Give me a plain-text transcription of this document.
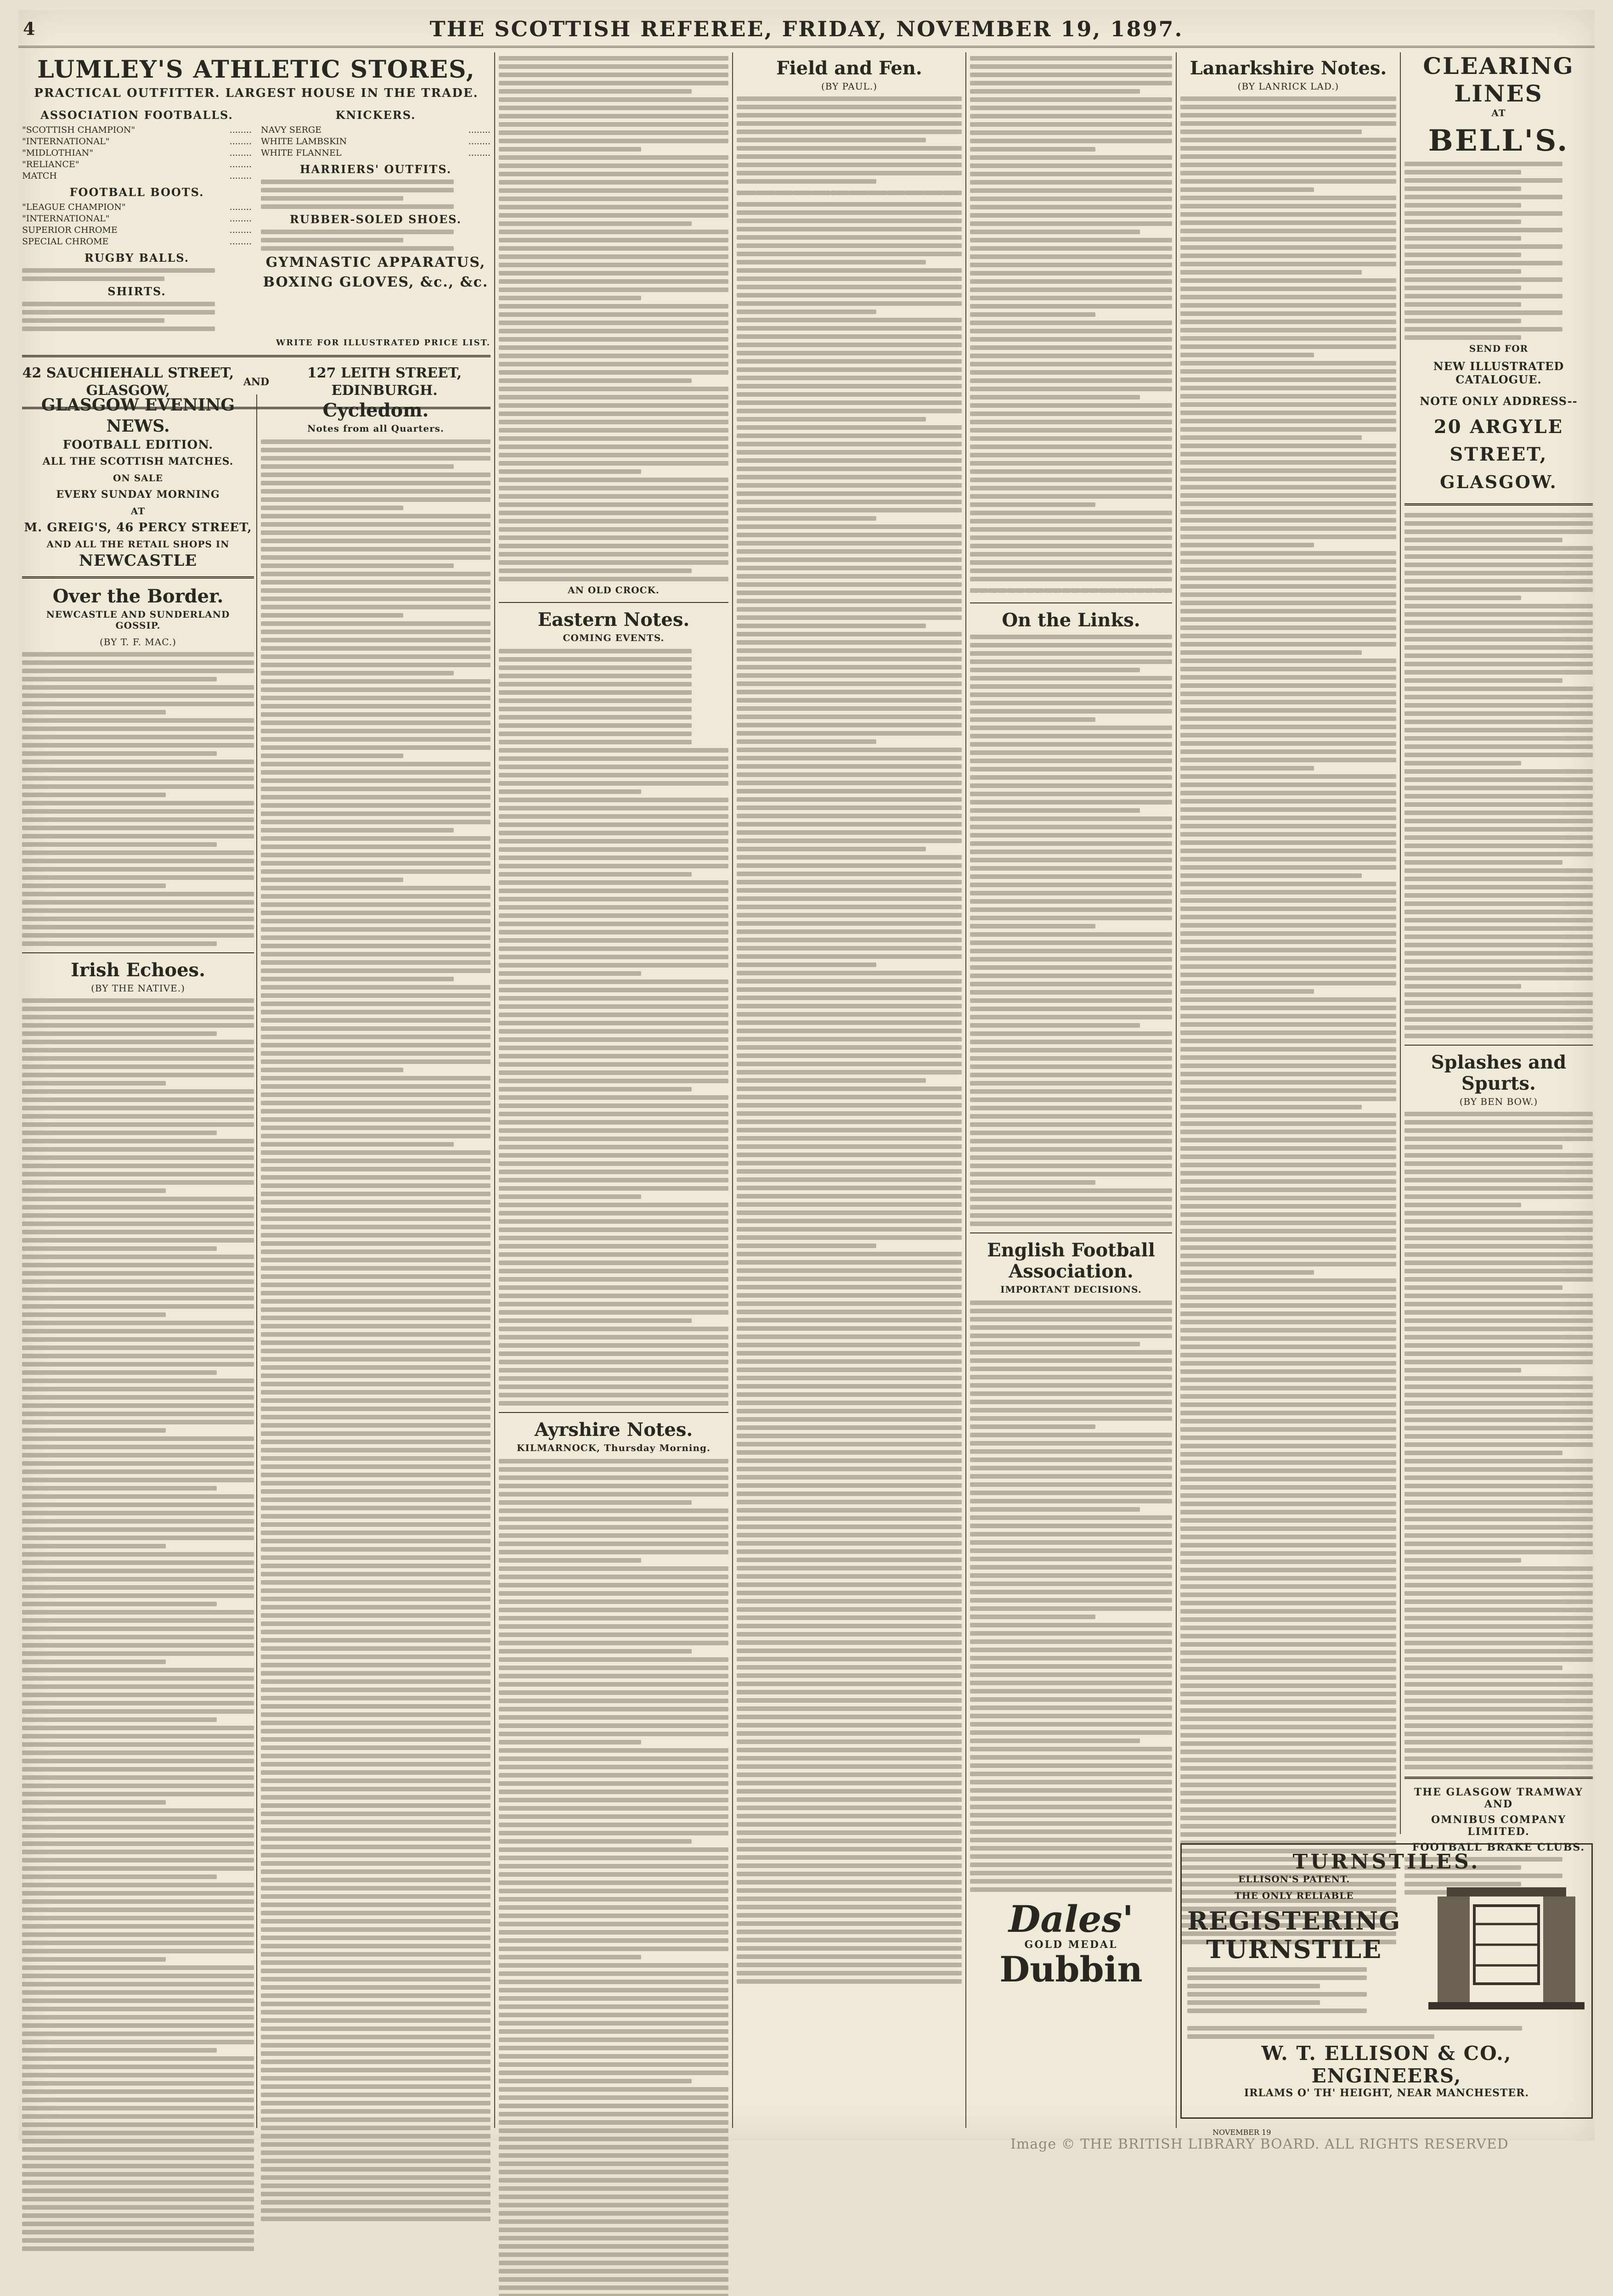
4	THE SCOTTISH REFEREE, FRIDAY, NOVEMBER 19, 1897.
LUMLEY'S ATHLETIC STORES,
PRACTICAL OUTFITTER. LARGEST HOUSE IN THE TRADE.
ASSOCIATION FOOTBALLS.
"SCOTTISH CHAMPION"	........
"INTERNATIONAL"	........
"MIDLOTHIAN"	........
"RELIANCE"	........
MATCH	........
FOOTBALL BOOTS.
"LEAGUE CHAMPION"	........
"INTERNATIONAL"	........
SUPERIOR CHROME	........
SPECIAL CHROME	........
RUGBY BALLS.
SHIRTS.
KNICKERS.
NAVY SERGE	........
WHITE LAMBSKIN	........
WHITE FLANNEL	........
HARRIERS' OUTFITS.
RUBBER-SOLED SHOES.
GYMNASTIC APPARATUS,
BOXING GLOVES, &c., &c.
WRITE FOR ILLUSTRATED PRICE LIST.
42 SAUCHIEHALL STREET,
GLASGOW,
AND
127 LEITH STREET,
EDINBURGH.
GLASGOW EVENING NEWS.
FOOTBALL EDITION.
ALL THE SCOTTISH MATCHES.
ON SALE
EVERY SUNDAY MORNING
AT
M. GREIG'S, 46 PERCY STREET,
AND ALL THE RETAIL SHOPS IN
NEWCASTLE
Over the Border.
NEWCASTLE AND SUNDERLAND GOSSIP.
(BY T. F. MAC.)
Irish Echoes.
(BY THE NATIVE.)
Cycledom.
Notes from all Quarters.
AN OLD CROCK.
Eastern Notes.
COMING EVENTS.
Ayrshire Notes.
KILMARNOCK, Thursday Morning.
Field and Fen.
(BY PAUL.)
On the Links.
English Football Association.
IMPORTANT DECISIONS.
Dales'
GOLD MEDAL
Dubbin
Lanarkshire Notes.
(BY LANRICK LAD.)
CLEARING LINES
AT
BELL'S.
SEND FOR
NEW ILLUSTRATED CATALOGUE.
NOTE ONLY ADDRESS--
20 ARGYLE STREET,
GLASGOW.
Splashes and Spurts.
(BY BEN BOW.)
THE GLASGOW TRAMWAY AND
OMNIBUS COMPANY LIMITED.
FOOTBALL BRAKE CLUBS.
TURNSTILES.
ELLISON'S PATENT.
THE ONLY RELIABLE
REGISTERING
TURNSTILE
W. T. ELLISON & CO., ENGINEERS,
IRLAMS O' TH' HEIGHT, NEAR MANCHESTER.
NOVEMBER 19
Image © THE BRITISH LIBRARY BOARD. ALL RIGHTS RESERVED
